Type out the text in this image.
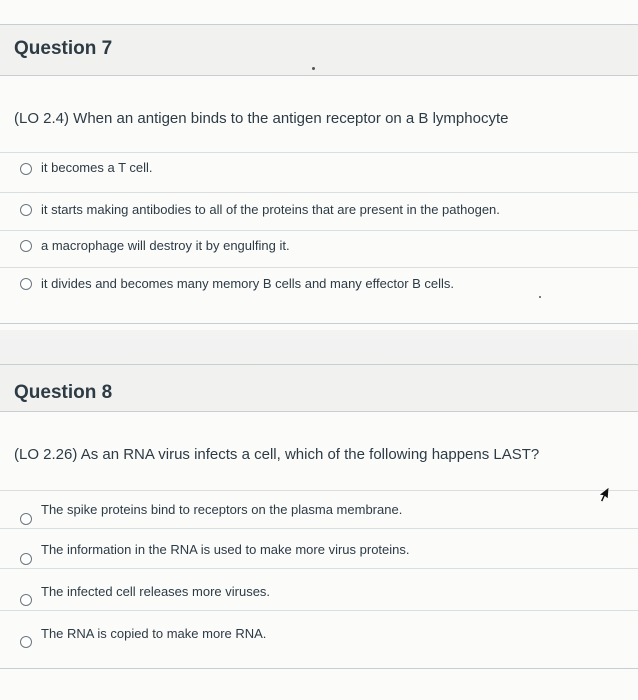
Question 7
(LO 2.4) When an antigen binds to the antigen receptor on a B lymphocyte
it becomes a T cell.
it starts making antibodies to all of the proteins that are present in the pathogen.
a macrophage will destroy it by engulfing it.
it divides and becomes many memory B cells and many effector B cells.
Question 8
(LO 2.26) As an RNA virus infects a cell, which of the following happens LAST?
The spike proteins bind to receptors on the plasma membrane.
The information in the RNA is used to make more virus proteins.
The infected cell releases more viruses.
The RNA is copied to make more RNA.
